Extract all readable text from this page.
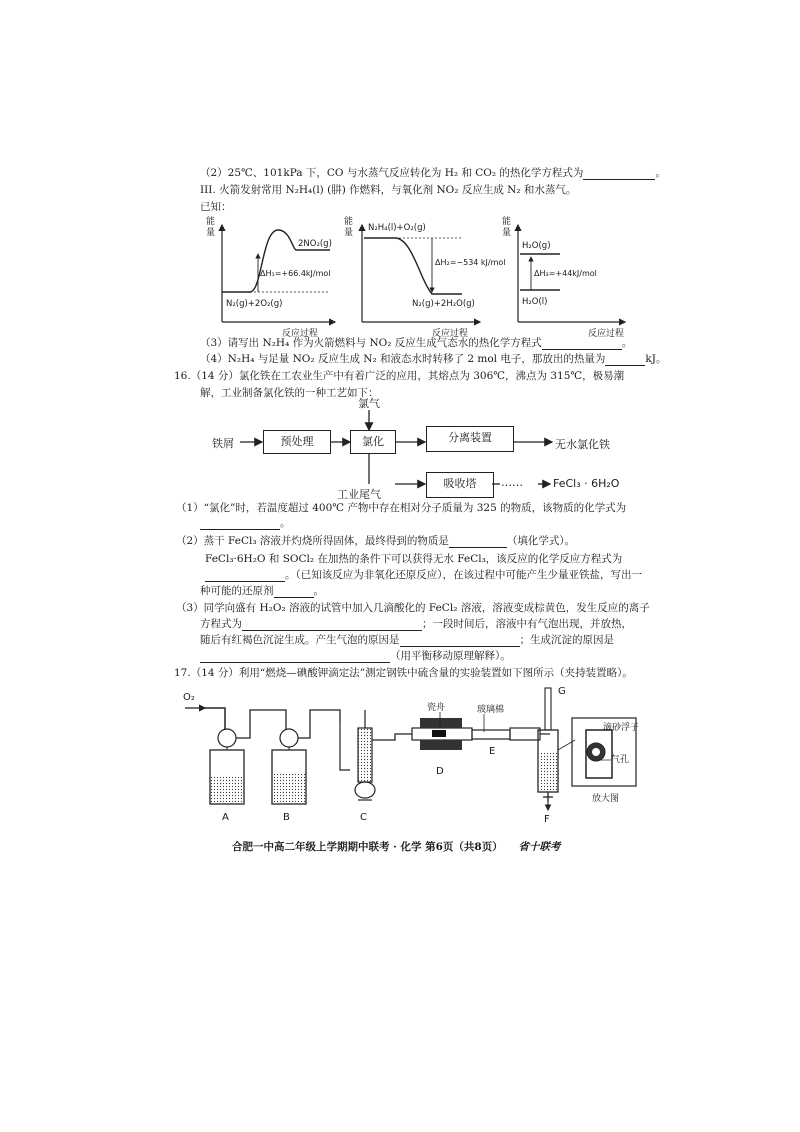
（2）25℃、101kPa 下，CO 与水蒸气反应转化为 H₂ 和 CO₂ 的热化学方程式为	。
III. 火箭发射常用 N₂H₄(l) (肼) 作燃料，与氧化剂 NO₂ 反应生成 N₂ 和水蒸气。
已知：
能
量
2NO₂(g)
ΔH₁=+66.4kJ/mol
N₂(g)+2O₂(g)
反应过程
能
量 N₂H₄(l)+O₂(g)
ΔH₂=−534 kJ/mol
N₂(g)+2H₂O(g)
反应过程
能
量
H₂O(g)
ΔH₃=+44kJ/mol
H₂O(l)
反应过程
（3）请写出 N₂H₄ 作为火箭燃料与 NO₂ 反应生成气态水的热化学方程式	。
（4）N₂H₄ 与足量 NO₂ 反应生成 N₂ 和液态水时转移了 2 mol 电子，那放出的热量为	kJ。
16.（14 分）氯化铁在工农业生产中有着广泛的应用，其熔点为 306℃，沸点为 315℃，极易潮
解，工业制备氯化铁的一种工艺如下：
氯气
铁屑	预处理	氯化	分离装置
无水氯化铁
工业尾气
吸收塔	……	FeCl₃ · 6H₂O
（1）“氯化”时，若温度超过 400℃ 产物中存在相对分子质量为 325 的物质，该物质的化学式为
。
（2）蒸干 FeCl₃ 溶液并灼烧所得固体，最终得到的物质是	（填化学式）。
FeCl₃·6H₂O 和 SOCl₂ 在加热的条件下可以获得无水 FeCl₃，该反应的化学反应方程式为
。（已知该反应为非氧化还原反应），在该过程中可能产生少量亚铁盐，写出一
种可能的还原剂	。
（3）同学向盛有 H₂O₂ 溶液的试管中加入几滴酸化的 FeCl₂ 溶液，溶液变成棕黄色，发生反应的离子
方程式为	；一段时间后，溶液中有气泡出现，并放热，
随后有红褐色沉淀生成。产生气泡的原因是	；生成沉淀的原因是
（用平衡移动原理解释）。
17.（14 分）利用“燃烧—碘酸钾滴定法”测定钢铁中硫含量的实验装置如下图所示（夹持装置略）。
O₂
A	B	C
瓷舟	玻璃棉
D
E
G
F
滴砂浮子
气孔
放大图
合肥一中高二年级上学期期中联考 · 化学 第6页（共8页） 省十联考
